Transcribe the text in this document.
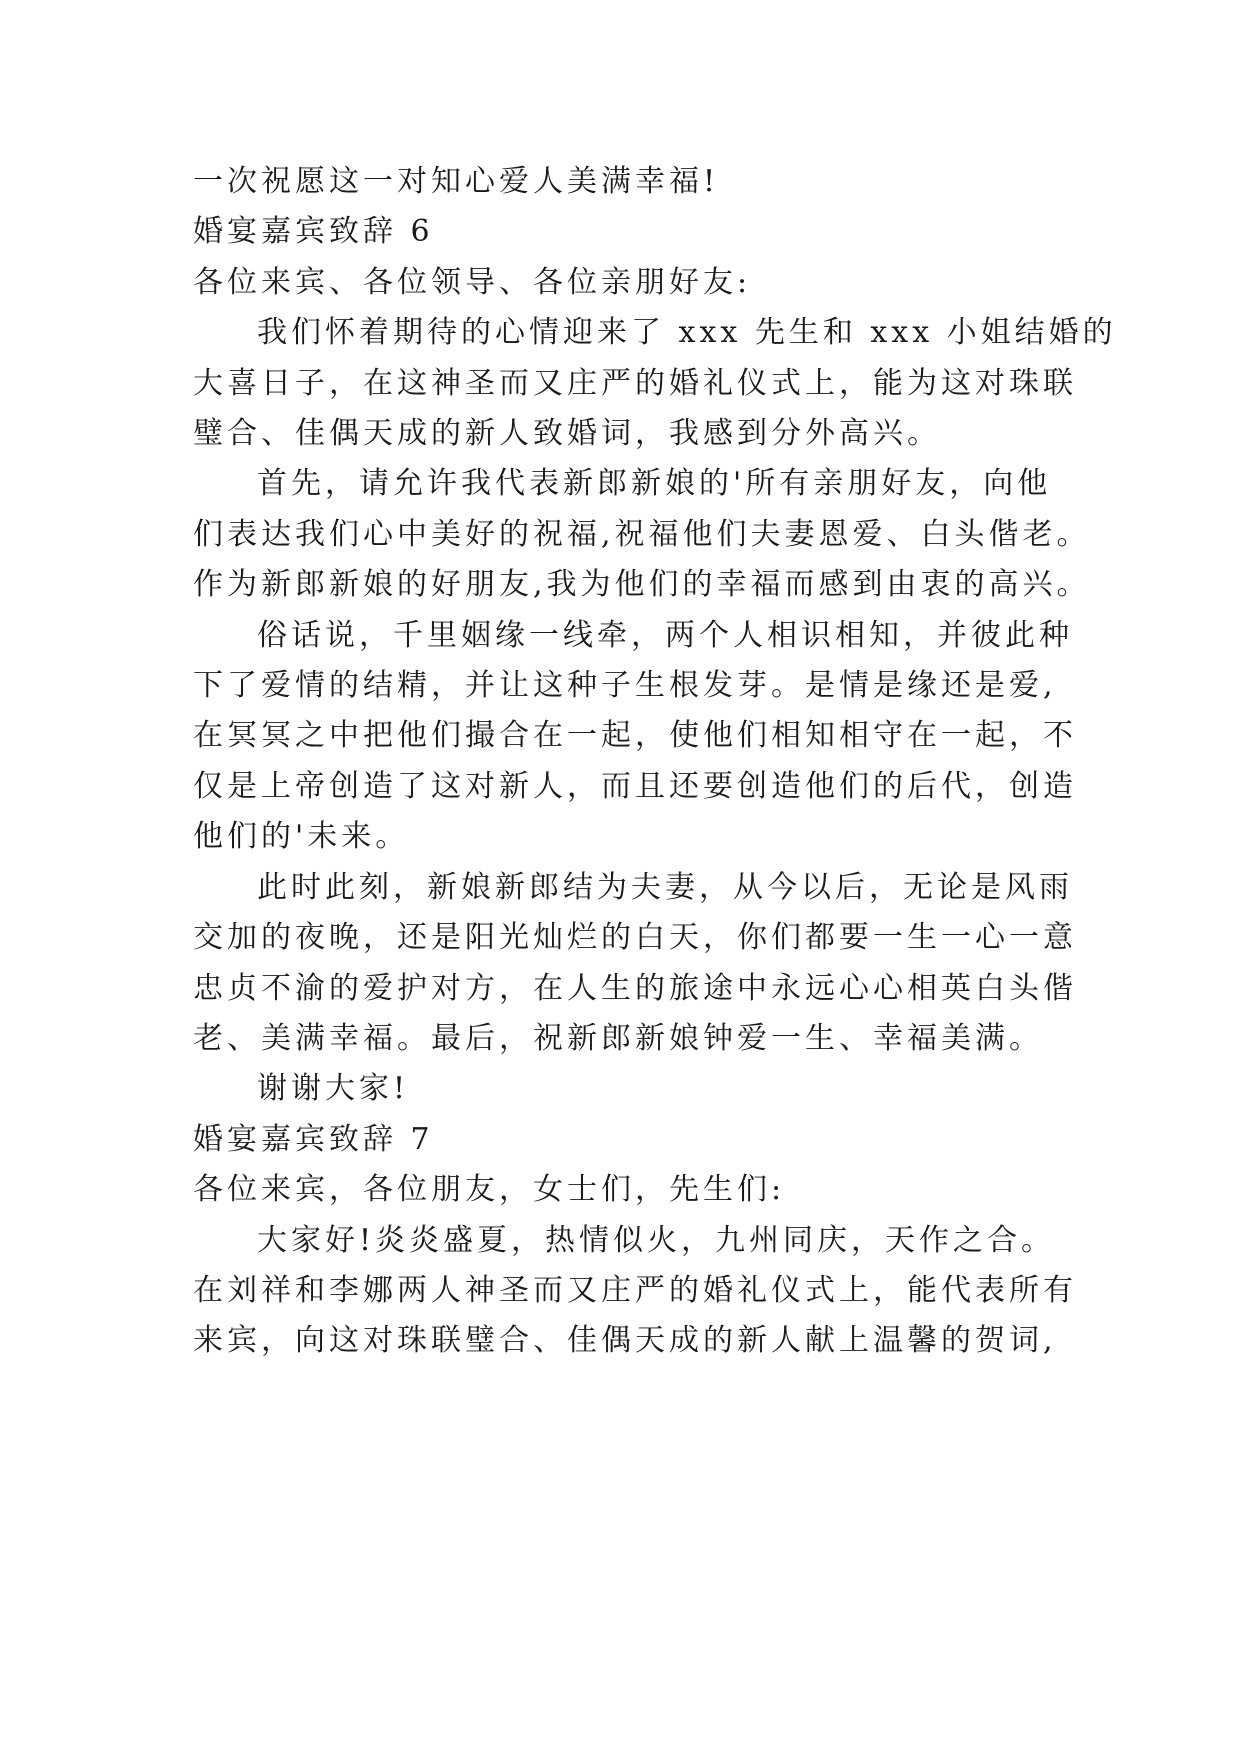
一次祝愿这一对知心爱人美满幸福!

婚宴嘉宾致辞 6

各位来宾、各位领导、各位亲朋好友:

我们怀着期待的心情迎来了 xxx 先生和 xxx 小姐结婚的

大喜日子，在这神圣而又庄严的婚礼仪式上，能为这对珠联

璧合、佳偶天成的新人致婚词，我感到分外高兴。

首先，请允许我代表新郎新娘的'所有亲朋好友，向他

们表达我们心中美好的祝福,祝福他们夫妻恩爱、白头偕老。

作为新郎新娘的好朋友,我为他们的幸福而感到由衷的高兴。

俗话说，千里姻缘一线牵，两个人相识相知，并彼此种

下了爱情的结精，并让这种子生根发芽。是情是缘还是爱,

在冥冥之中把他们撮合在一起，使他们相知相守在一起，不

仅是上帝创造了这对新人，而且还要创造他们的后代，创造

他们的'未来。

此时此刻，新娘新郎结为夫妻，从今以后，无论是风雨

交加的夜晚，还是阳光灿烂的白天，你们都要一生一心一意

忠贞不渝的爱护对方，在人生的旅途中永远心心相英白头偕

老、美满幸福。最后，祝新郎新娘钟爱一生、幸福美满。

谢谢大家!

婚宴嘉宾致辞 7

各位来宾，各位朋友，女士们，先生们:

大家好!炎炎盛夏，热情似火，九州同庆，天作之合。

在刘祥和李娜两人神圣而又庄严的婚礼仪式上，能代表所有

来宾，向这对珠联璧合、佳偶天成的新人献上温馨的贺词,
